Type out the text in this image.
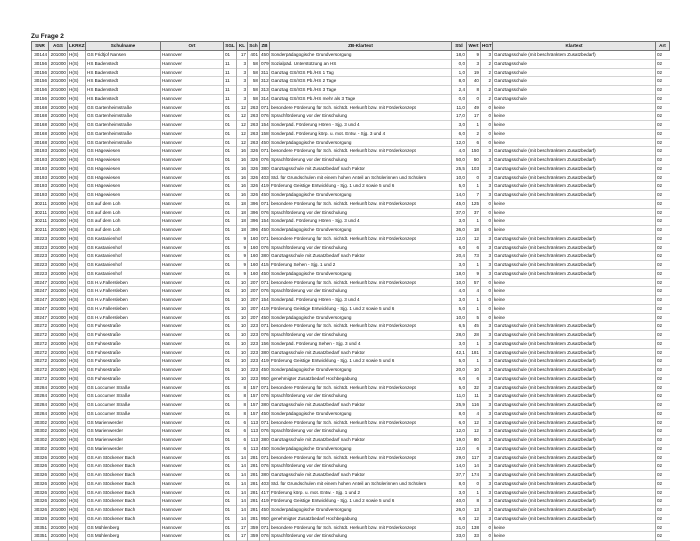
Zu Frage 2
SNR	AGS	LKRKZ	Schulname	Ort	SGL	KL	Sch	ZB	ZB-Klartext	Std	Wert	HGT	Klartext	Art
30144	201000	H(S)	GS Fridtjof Nansen	Hannover	01	17	401	450	Sonderpädagogische Grundversorgung	18,0	9	3	Ganztagsschule (mit beschränktem Zusatzbedarf)	02
30156	201000	H(S)	HS Badenstedt	Hannover	11	3	58	079	Sozialpäd. Unterstützung an HS	0,0	3	2	Ganztagsschule	02
30156	201000	H(S)	HS Badenstedt	Hannover	11	3	58	311	Ganztag GS/IGS Pb./HS 1 Tag	1,0	19	2	Ganztagsschule	02
30156	201000	H(S)	HS Badenstedt	Hannover	11	3	58	312	Ganztag GS/IGS Pb./HS 2 Tage	8,0	40	2	Ganztagsschule	02
30156	201000	H(S)	HS Badenstedt	Hannover	11	3	58	313	Ganztag GS/IGS Pb./HS 3 Tage	2,4	8	2	Ganztagsschule	02
30156	201000	H(S)	HS Badenstedt	Hannover	11	3	58	314	Ganztag GS/IGS Pb./HS mehr als 3 Tage	0,0	0	2	Ganztagsschule	02
30168	201000	H(S)	GS Gartenheimstraße	Hannover	01	12	263	071	besondere Förderung für Sch. nichtdt. Herkunft bzw. mit Förderkonzept	11,0	49	0	keine	02
30168	201000	H(S)	GS Gartenheimstraße	Hannover	01	12	263	076	Sprachförderung vor der Einschulung	17,0	17	0	keine	02
30168	201000	H(S)	GS Gartenheimstraße	Hannover	01	12	263	154	Sonderpäd. Förderung Hören - Sjg. 3 und 4	3,0	1	0	keine	02
30168	201000	H(S)	GS Gartenheimstraße	Hannover	01	12	263	158	Sonderpäd. Förderung körp. u. mot. Entw. - Sjg. 3 und 4	6,0	2	0	keine	02
30168	201000	H(S)	GS Gartenheimstraße	Hannover	01	12	263	450	Sonderpädagogische Grundversorgung	12,0	6	0	keine	02
30193	201000	H(S)	GS Hägewiesen	Hannover	01	16	326	071	besondere Förderung für Sch. nichtdt. Herkunft bzw. mit Förderkonzept	4,0	150	3	Ganztagsschule (mit beschränktem Zusatzbedarf)	02
30193	201000	H(S)	GS Hägewiesen	Hannover	01	16	326	076	Sprachförderung vor der Einschulung	50,0	50	3	Ganztagsschule (mit beschränktem Zusatzbedarf)	02
30193	201000	H(S)	GS Hägewiesen	Hannover	01	16	326	380	Ganztagsschule mit Zusatzbedarf nach Faktor	25,5	103	3	Ganztagsschule (mit beschränktem Zusatzbedarf)	02
30193	201000	H(S)	GS Hägewiesen	Hannover	01	16	326	403	Std. für Grundschulen mit einem hohen Anteil an Schülerinnen und Schülern	10,0	0	3	Ganztagsschule (mit beschränktem Zusatzbedarf)	02
30193	201000	H(S)	GS Hägewiesen	Hannover	01	16	326	419	Förderung Geistige Entwicklung - Sjg. 1 und 2 sowie 5 und 6	5,0	1	3	Ganztagsschule (mit beschränktem Zusatzbedarf)	02
30193	201000	H(S)	GS Hägewiesen	Hannover	01	16	326	450	Sonderpädagogische Grundversorgung	14,0	7	3	Ganztagsschule (mit beschränktem Zusatzbedarf)	02
30211	201000	H(S)	GS auf dem Loh	Hannover	01	18	396	071	besondere Förderung für Sch. nichtdt. Herkunft bzw. mit Förderkonzept	45,0	125	0	keine	02
30211	201000	H(S)	GS auf dem Loh	Hannover	01	18	396	076	Sprachförderung vor der Einschulung	37,0	37	0	keine	02
30211	201000	H(S)	GS auf dem Loh	Hannover	01	18	396	154	Sonderpäd. Förderung Hören - Sjg. 3 und 4	3,0	1	0	keine	02
30211	201000	H(S)	GS auf dem Loh	Hannover	01	18	396	450	Sonderpädagogische Grundversorgung	36,0	18	0	keine	02
30223	201000	H(S)	GS Kastanienhof	Hannover	01	9	160	071	besondere Förderung für Sch. nichtdt. Herkunft bzw. mit Förderkonzept	12,0	12	3	Ganztagsschule (mit beschränktem Zusatzbedarf)	02
30223	201000	H(S)	GS Kastanienhof	Hannover	01	9	160	076	Sprachförderung vor der Einschulung	6,0	6	3	Ganztagsschule (mit beschränktem Zusatzbedarf)	02
30223	201000	H(S)	GS Kastanienhof	Hannover	01	9	160	380	Ganztagsschule mit Zusatzbedarf nach Faktor	20,4	73	3	Ganztagsschule (mit beschränktem Zusatzbedarf)	02
30223	201000	H(S)	GS Kastanienhof	Hannover	01	9	160	415	Förderung Sehen - Sjg. 1 und 2	3,0	1	3	Ganztagsschule (mit beschränktem Zusatzbedarf)	02
30223	201000	H(S)	GS Kastanienhof	Hannover	01	9	160	450	Sonderpädagogische Grundversorgung	18,0	9	3	Ganztagsschule (mit beschränktem Zusatzbedarf)	02
30247	201000	H(S)	GS H.v.Fallersleben	Hannover	01	10	207	071	besondere Förderung für Sch. nichtdt. Herkunft bzw. mit Förderkonzept	10,0	57	0	keine	02
30247	201000	H(S)	GS H.v.Fallersleben	Hannover	01	10	207	076	Sprachförderung vor der Einschulung	4,0	4	0	keine	02
30247	201000	H(S)	GS H.v.Fallersleben	Hannover	01	10	207	154	Sonderpäd. Förderung Hören - Sjg. 3 und 4	3,0	1	0	keine	02
30247	201000	H(S)	GS H.v.Fallersleben	Hannover	01	10	207	419	Förderung Geistige Entwicklung - Sjg. 1 und 2 sowie 5 und 6	5,0	1	0	keine	02
30247	201000	H(S)	GS H.v.Fallersleben	Hannover	01	10	207	450	Sonderpädagogische Grundversorgung	10,0	5	0	keine	02
30272	201000	H(S)	GS Fuhsestraße	Hannover	01	10	223	071	besondere Förderung für Sch. nichtdt. Herkunft bzw. mit Förderkonzept	6,5	45	3	Ganztagsschule (mit beschränktem Zusatzbedarf)	02
30272	201000	H(S)	GS Fuhsestraße	Hannover	01	10	223	076	Sprachförderung vor der Einschulung	28,0	28	3	Ganztagsschule (mit beschränktem Zusatzbedarf)	02
30272	201000	H(S)	GS Fuhsestraße	Hannover	01	10	223	156	Sonderpäd. Förderung Sehen - Sjg. 3 und 4	3,0	1	3	Ganztagsschule (mit beschränktem Zusatzbedarf)	02
30272	201000	H(S)	GS Fuhsestraße	Hannover	01	10	223	380	Ganztagsschule mit Zusatzbedarf nach Faktor	42,1	181	3	Ganztagsschule (mit beschränktem Zusatzbedarf)	02
30272	201000	H(S)	GS Fuhsestraße	Hannover	01	10	223	419	Förderung Geistige Entwicklung - Sjg. 1 und 2 sowie 5 und 6	5,0	1	3	Ganztagsschule (mit beschränktem Zusatzbedarf)	02
30272	201000	H(S)	GS Fuhsestraße	Hannover	01	10	223	450	Sonderpädagogische Grundversorgung	20,0	10	3	Ganztagsschule (mit beschränktem Zusatzbedarf)	02
30272	201000	H(S)	GS Fuhsestraße	Hannover	01	10	223	950	genehmigter Zusatzbedarf Hochbegabung	6,0	6	3	Ganztagsschule (mit beschränktem Zusatzbedarf)	02
30284	201000	H(S)	GS Loccumer Straße	Hannover	01	8	157	071	besondere Förderung für Sch. nichtdt. Herkunft bzw. mit Förderkonzept	5,0	32	3	Ganztagsschule (mit beschränktem Zusatzbedarf)	02
30284	201000	H(S)	GS Loccumer Straße	Hannover	01	8	157	076	Sprachförderung vor der Einschulung	11,0	11	3	Ganztagsschule (mit beschränktem Zusatzbedarf)	02
30284	201000	H(S)	GS Loccumer Straße	Hannover	01	8	157	380	Ganztagsschule mit Zusatzbedarf nach Faktor	25,9	116	3	Ganztagsschule (mit beschränktem Zusatzbedarf)	02
30284	201000	H(S)	GS Loccumer Straße	Hannover	01	8	157	450	Sonderpädagogische Grundversorgung	8,0	4	3	Ganztagsschule (mit beschränktem Zusatzbedarf)	02
30302	201000	H(S)	GS Marienwerder	Hannover	01	6	113	071	besondere Förderung für Sch. nichtdt. Herkunft bzw. mit Förderkonzept	6,0	12	3	Ganztagsschule (mit beschränktem Zusatzbedarf)	02
30302	201000	H(S)	GS Marienwerder	Hannover	01	6	113	076	Sprachförderung vor der Einschulung	12,0	12	3	Ganztagsschule (mit beschränktem Zusatzbedarf)	02
30302	201000	H(S)	GS Marienwerder	Hannover	01	6	113	380	Ganztagsschule mit Zusatzbedarf nach Faktor	19,0	80	3	Ganztagsschule (mit beschränktem Zusatzbedarf)	02
30302	201000	H(S)	GS Marienwerder	Hannover	01	6	113	450	Sonderpädagogische Grundversorgung	12,0	6	3	Ganztagsschule (mit beschränktem Zusatzbedarf)	02
30326	201000	H(S)	GS Am Stöckener Bach	Hannover	01	14	281	071	besondere Förderung für Sch. nichtdt. Herkunft bzw. mit Förderkonzept	29,0	117	3	Ganztagsschule (mit beschränktem Zusatzbedarf)	02
30326	201000	H(S)	GS Am Stöckener Bach	Hannover	01	14	281	076	Sprachförderung vor der Einschulung	14,0	14	3	Ganztagsschule (mit beschränktem Zusatzbedarf)	02
30326	201000	H(S)	GS Am Stöckener Bach	Hannover	01	14	281	380	Ganztagsschule mit Zusatzbedarf nach Faktor	37,7	174	3	Ganztagsschule (mit beschränktem Zusatzbedarf)	02
30326	201000	H(S)	GS Am Stöckener Bach	Hannover	01	14	281	403	Std. für Grundschulen mit einem hohen Anteil an Schülerinnen und Schülern	8,0	0	3	Ganztagsschule (mit beschränktem Zusatzbedarf)	02
30326	201000	H(S)	GS Am Stöckener Bach	Hannover	01	14	281	417	Förderung körp. u. mot. Entw. - Sjg. 1 und 2	3,0	1	3	Ganztagsschule (mit beschränktem Zusatzbedarf)	02
30326	201000	H(S)	GS Am Stöckener Bach	Hannover	01	14	281	419	Förderung Geistige Entwicklung - Sjg. 1 und 2 sowie 5 und 6	40,0	8	3	Ganztagsschule (mit beschränktem Zusatzbedarf)	02
30326	201000	H(S)	GS Am Stöckener Bach	Hannover	01	14	281	450	Sonderpädagogische Grundversorgung	26,0	13	3	Ganztagsschule (mit beschränktem Zusatzbedarf)	02
30326	201000	H(S)	GS Am Stöckener Bach	Hannover	01	14	281	950	genehmigter Zusatzbedarf Hochbegabung	6,0	12	3	Ganztagsschule (mit beschränktem Zusatzbedarf)	02
30351	201000	H(S)	GS Mühlenberg	Hannover	01	17	359	071	besondere Förderung für Sch. nichtdt. Herkunft bzw. mit Förderkonzept	31,0	138	0	keine	02
30351	201000	H(S)	GS Mühlenberg	Hannover	01	17	359	076	Sprachförderung vor der Einschulung	33,0	33	0	keine	02
